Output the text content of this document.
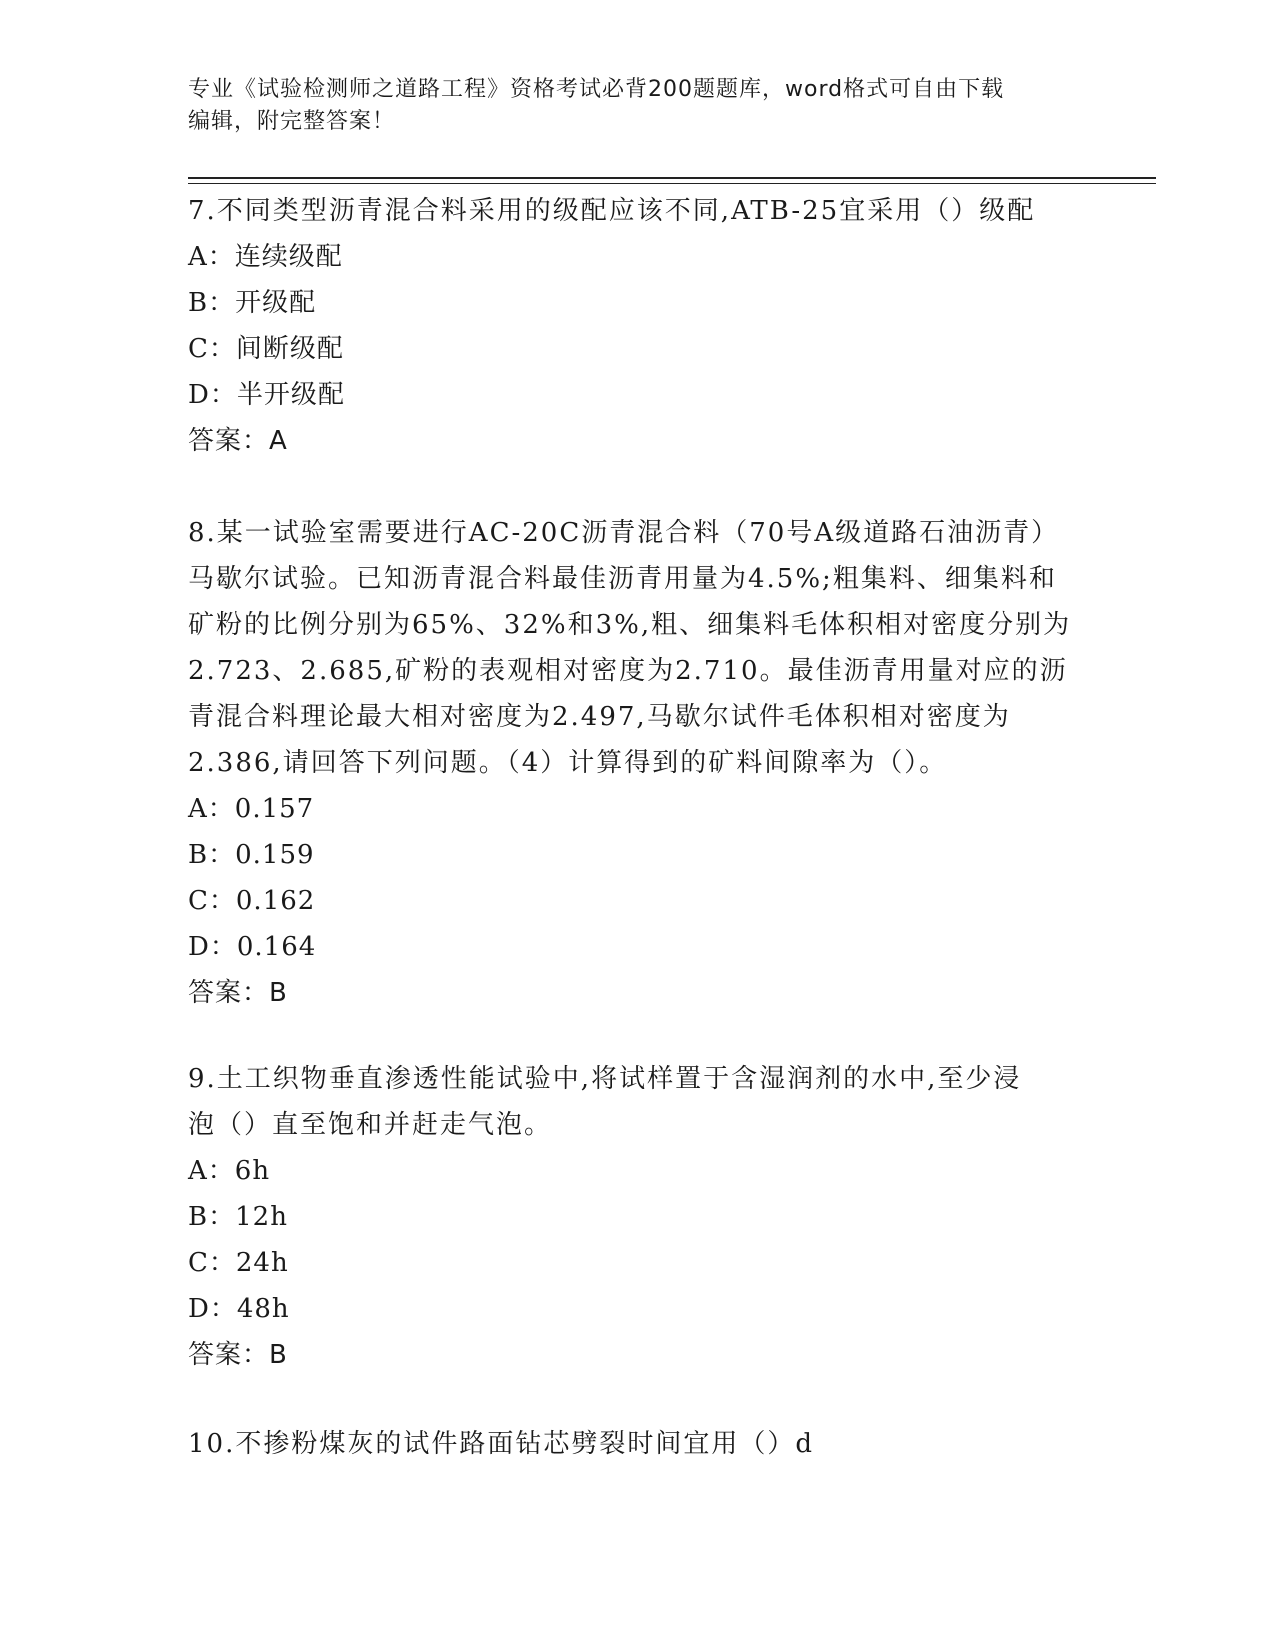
专业《试验检测师之道路工程》资格考试必背200题题库，word格式可自由下载
编辑，附完整答案！

7.不同类型沥青混合料采用的级配应该不同,ATB-25宜采用（）级配

A：连续级配

B：开级配

C：间断级配

D：半开级配

答案：A

8.某一试验室需要进行AC-20C沥青混合料（70号A级道路石油沥青）

马歇尔试验。已知沥青混合料最佳沥青用量为4.5%;粗集料、细集料和

矿粉的比例分别为65%、32%和3%,粗、细集料毛体积相对密度分别为

2.723、2.685,矿粉的表观相对密度为2.710。最佳沥青用量对应的沥

青混合料理论最大相对密度为2.497,马歇尔试件毛体积相对密度为

2.386,请回答下列问题。（4）计算得到的矿料间隙率为（）。

A：0.157

B：0.159

C：0.162

D：0.164

答案：B

9.土工织物垂直渗透性能试验中,将试样置于含湿润剂的水中,至少浸

泡（）直至饱和并赶走气泡。

A：6h

B：12h

C：24h

D：48h

答案：B

10.不掺粉煤灰的试件路面钻芯劈裂时间宜用（）d
